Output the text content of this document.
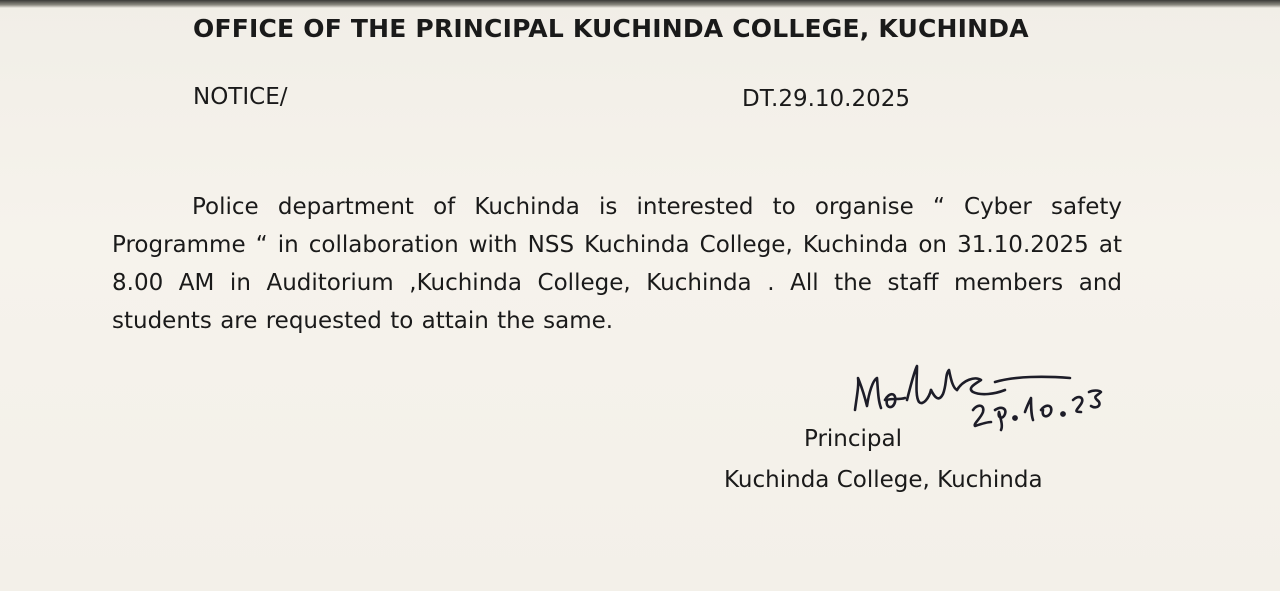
OFFICE OF THE PRINCIPAL KUCHINDA COLLEGE, KUCHINDA
NOTICE/	DT.29.10.2025
Police department of Kuchinda is interested to organise “ Cyber safety Programme “ in collaboration with NSS Kuchinda College, Kuchinda on 31.10.2025 at 8.00 AM in Auditorium ,Kuchinda College, Kuchinda . All the staff members and students are requested to attain the same.
Principal
Kuchinda College, Kuchinda
